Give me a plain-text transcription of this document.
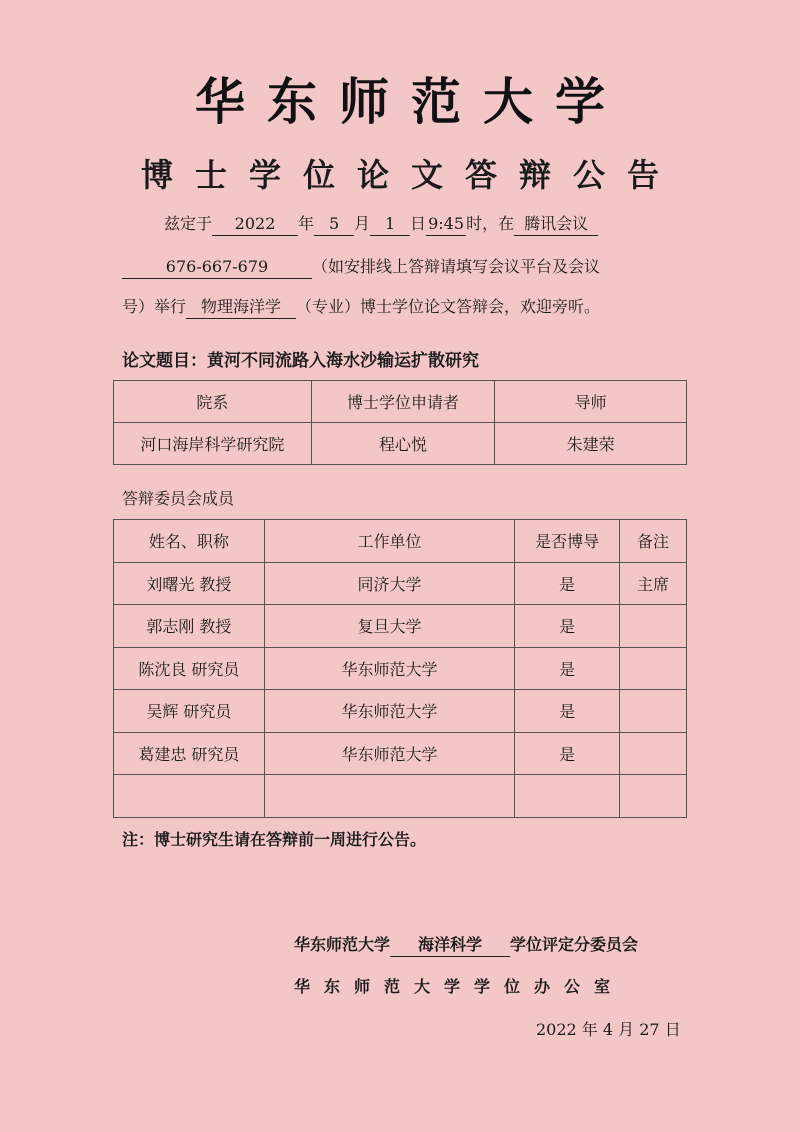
华东师范大学
博士学位论文答辩公告
兹定于 2022 年 5 月 1 日 9:45 时，在 腾讯会议
676-667-679	（如安排线上答辩请填写会议平台及会议
号）举行 物理海洋学 （专业）博士学位论文答辩会，欢迎旁听。
论文题目：黄河不同流路入海水沙输运扩散研究
院系	博士学位申请者	导师
河口海岸科学研究院	程心悦	朱建荣
答辩委员会成员
姓名、职称	工作单位	是否博导	备注
刘曙光 教授	同济大学	是	主席
郭志刚 教授	复旦大学	是	
陈沈良 研究员	华东师范大学	是	
吴辉 研究员	华东师范大学	是	
葛建忠 研究员	华东师范大学	是	

注：博士研究生请在答辩前一周进行公告。
华东师范大学 海洋科学 学位评定分委员会
华东师范大学学位办公室
2022 年 4 月 27 日
